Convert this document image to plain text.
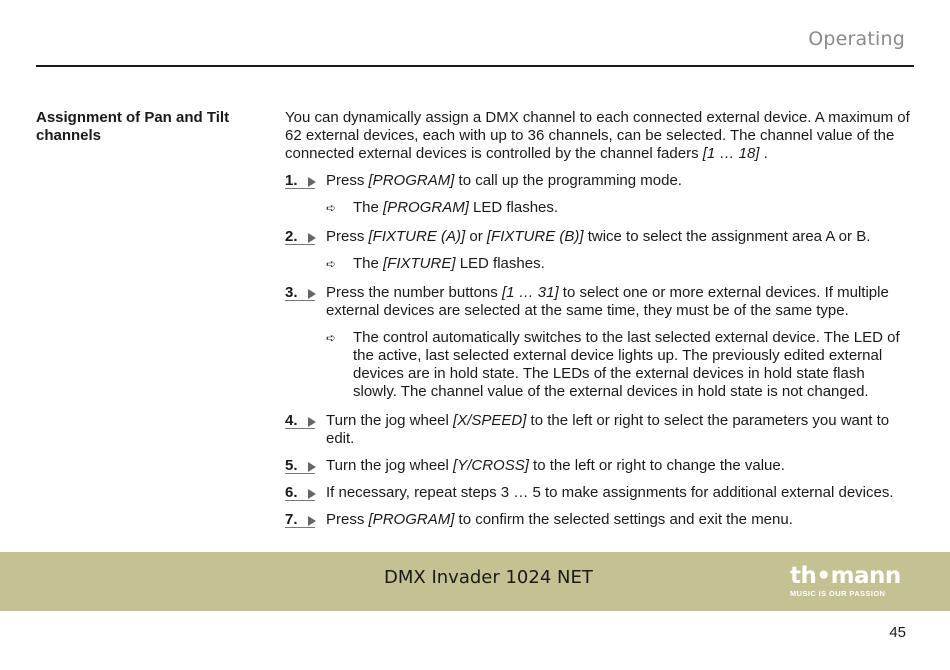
Operating
Assignment of Pan and Tilt channels

You can dynamically assign a DMX channel to each connected external device. A maximum of 62 external devices, each with up to 36 channels, can be selected. The channel value of the connected external devices is controlled by the channel faders [1 … 18] .

1.	Press [PROGRAM] to call up the programming mode.
➪ The [PROGRAM] LED flashes.
2.	Press [FIXTURE (A)] or [FIXTURE (B)] twice to select the assignment area A or B.
➪ The [FIXTURE] LED flashes.
3.	Press the number buttons [1 … 31] to select one or more external devices. If multiple external devices are selected at the same time, they must be of the same type.
➪ The control automatically switches to the last selected external device. The LED of the active, last selected external device lights up. The previously edited external devices are in hold state. The LEDs of the external devices in hold state flash slowly. The channel value of the external devices in hold state is not changed.
4.	Turn the jog wheel [X/SPEED] to the left or right to select the parameters you want to edit.
5.	Turn the jog wheel [Y/CROSS] to the left or right to change the value.
6.	If necessary, repeat steps 3 … 5 to make assignments for additional external devices.
7.	Press [PROGRAM] to confirm the selected settings and exit the menu.
DMX Invader 1024 NET	th•mann
MUSIC IS OUR PASSION
45
